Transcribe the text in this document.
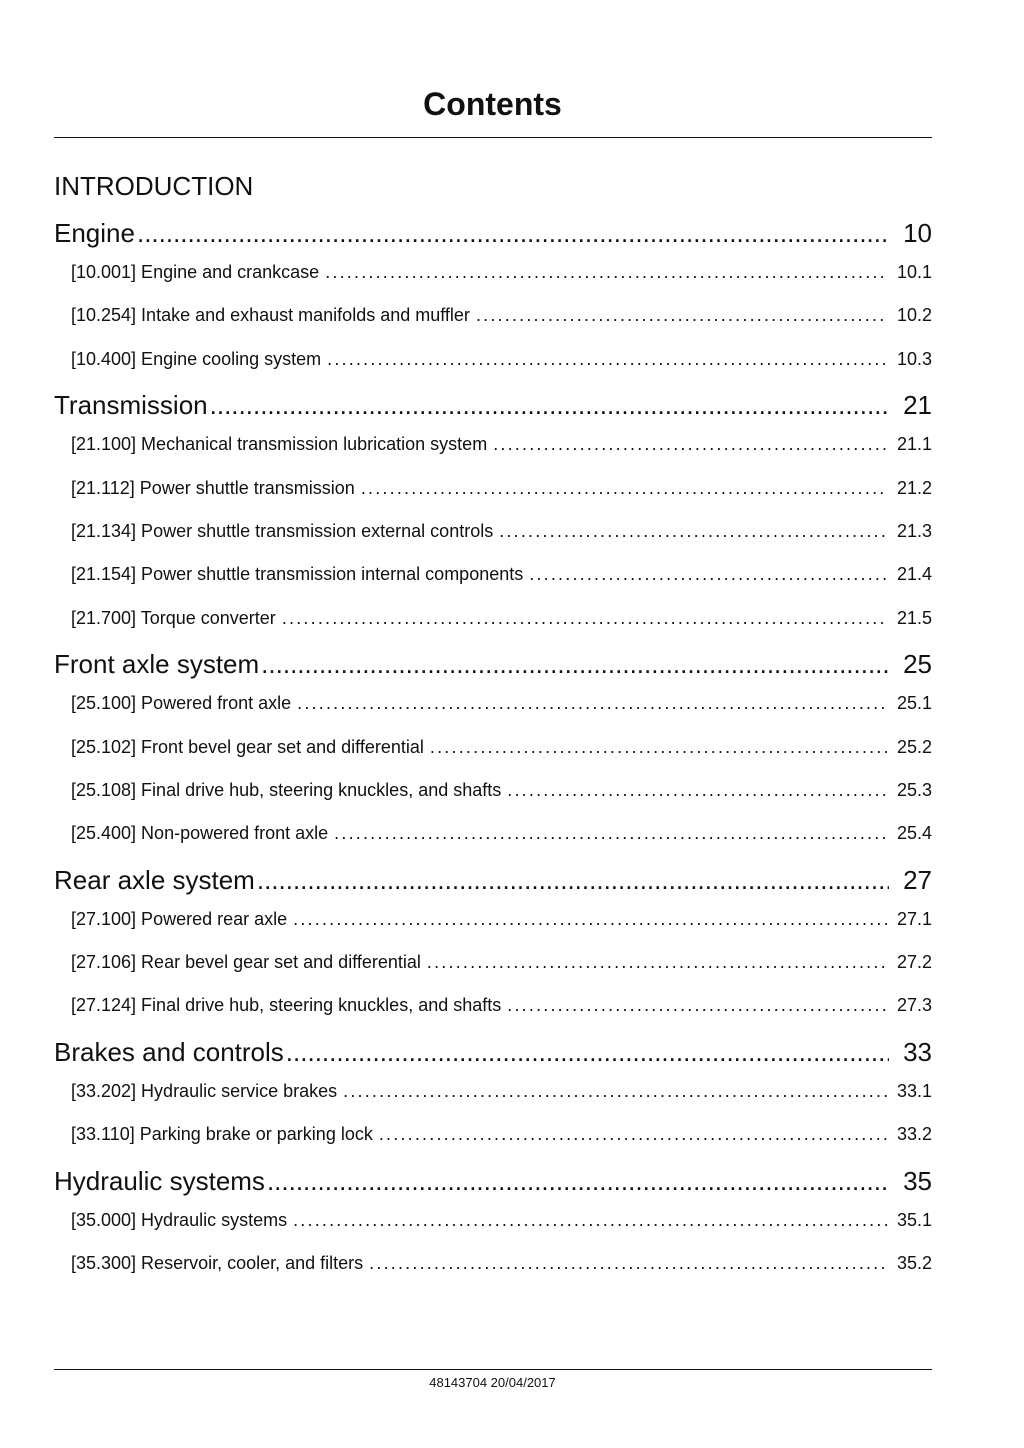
Contents
INTRODUCTION
Engine .....	10
[10.001] Engine and crankcase .....	10.1
[10.254] Intake and exhaust manifolds and muffler .....	10.2
[10.400] Engine cooling system .....	10.3
Transmission .....	21
[21.100] Mechanical transmission lubrication system .....	21.1
[21.112] Power shuttle transmission .....	21.2
[21.134] Power shuttle transmission external controls .....	21.3
[21.154] Power shuttle transmission internal components .....	21.4
[21.700] Torque converter .....	21.5
Front axle system .....	25
[25.100] Powered front axle .....	25.1
[25.102] Front bevel gear set and differential .....	25.2
[25.108] Final drive hub, steering knuckles, and shafts .....	25.3
[25.400] Non-powered front axle .....	25.4
Rear axle system .....	27
[27.100] Powered rear axle .....	27.1
[27.106] Rear bevel gear set and differential .....	27.2
[27.124] Final drive hub, steering knuckles, and shafts .....	27.3
Brakes and controls .....	33
[33.202] Hydraulic service brakes .....	33.1
[33.110] Parking brake or parking lock .....	33.2
Hydraulic systems .....	35
[35.000] Hydraulic systems .....	35.1
[35.300] Reservoir, cooler, and filters .....	35.2
48143704 20/04/2017
